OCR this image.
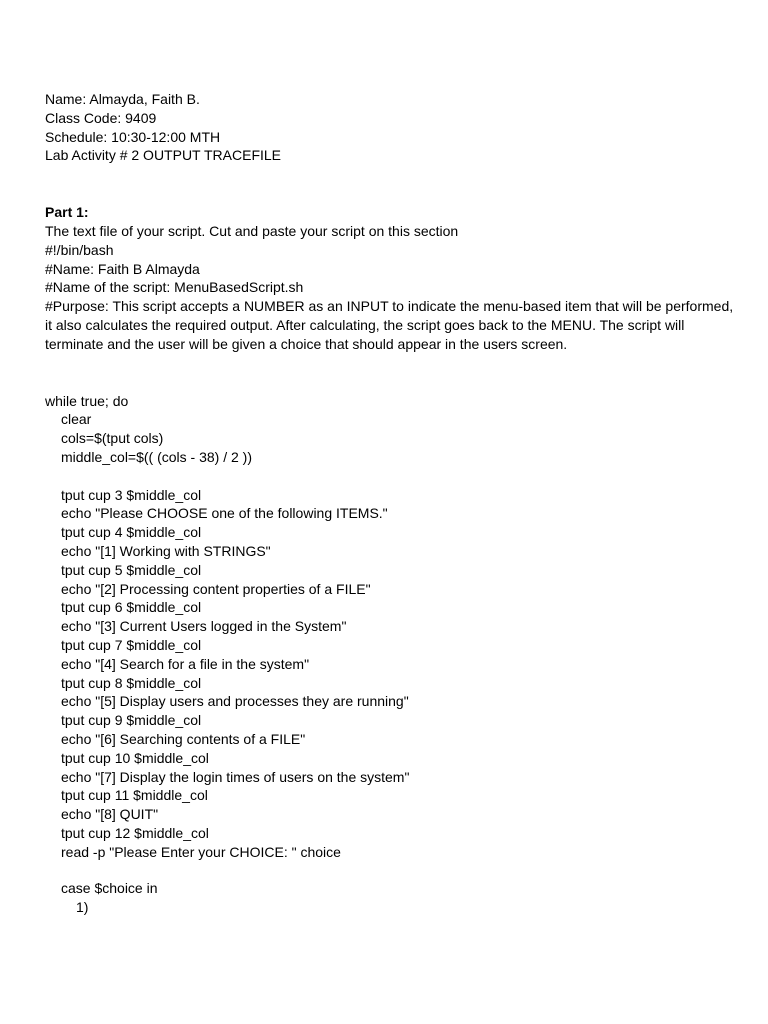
Name: Almayda, Faith B.

Class Code: 9409

Schedule: 10:30-12:00 MTH

Lab Activity # 2 OUTPUT TRACEFILE

Part 1:

The text file of your script. Cut and paste your script on this section

#!/bin/bash

#Name: Faith B Almayda

#Name of the script: MenuBasedScript.sh

#Purpose: This script accepts a NUMBER as an INPUT to indicate the menu-based item that will be performed, it also calculates the required output. After calculating, the script goes back to the MENU. The script will terminate and the user will be given a choice that should appear in the users screen.

while true; do

clear

cols=$(tput cols)

middle_col=$(( (cols - 38) / 2 ))

tput cup 3 $middle_col

echo "Please CHOOSE one of the following ITEMS."

tput cup 4 $middle_col

echo "[1] Working with STRINGS"

tput cup 5 $middle_col

echo "[2] Processing content properties of a FILE"

tput cup 6 $middle_col

echo "[3] Current Users logged in the System"

tput cup 7 $middle_col

echo "[4] Search for a file in the system"

tput cup 8 $middle_col

echo "[5] Display users and processes they are running"

tput cup 9 $middle_col

echo "[6] Searching contents of a FILE"

tput cup 10 $middle_col

echo "[7] Display the login times of users on the system"

tput cup 11 $middle_col

echo "[8] QUIT"

tput cup 12 $middle_col

read -p "Please Enter your CHOICE: " choice

case $choice in

1)
